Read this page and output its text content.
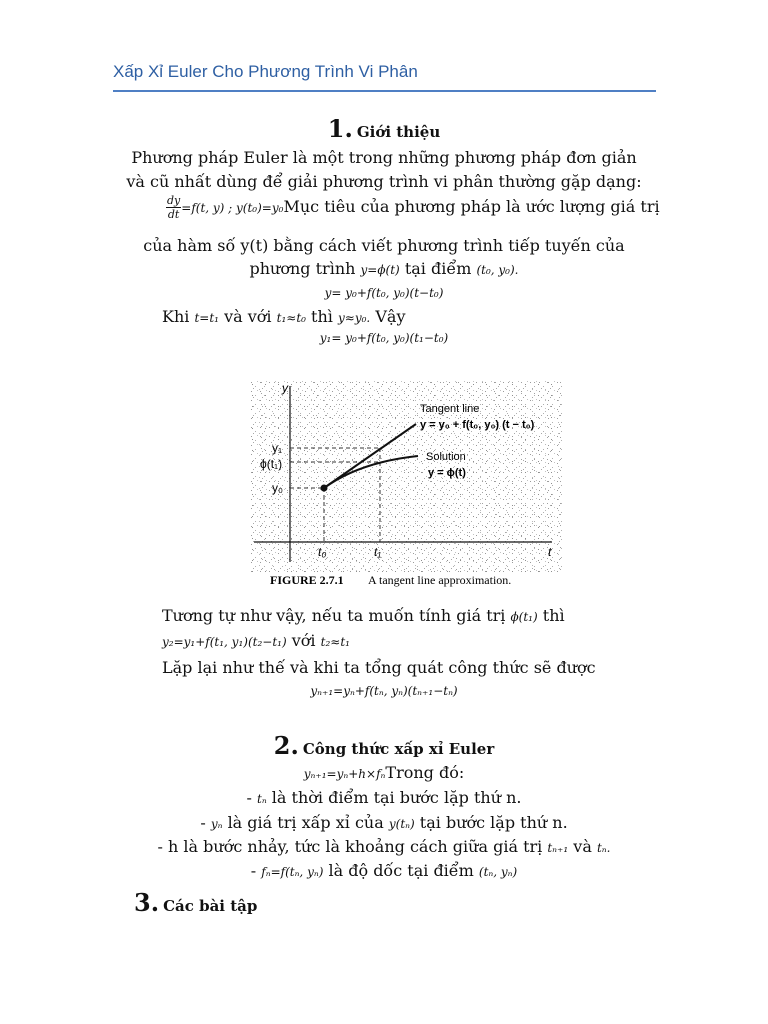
Xấp Xỉ Euler Cho Phương Trình Vi Phân
1. Giới thiệu
Phương pháp Euler là một trong những phương pháp đơn giản
và cũ nhất dùng để giải phương trình vi phân thường gặp dạng:
$\frac{dy}{dt} =f(t$, y) ; y(t₀)=y₀Mục tiêu của phương pháp là ước lượng giá trị
của hàm số y(t) bằng cách viết phương trình tiếp tuyến của
phương trình y=ϕ(t) tại điểm (t₀, y₀).
y= y₀+f(t₀, y₀)(t−t₀)
Khi t=t₁ và với t₁≈t₀ thì y≈y₀. Vậy
y₁= y₀+f(t₀, y₀)(t₁−t₀)
y
t
y₁
ϕ(t₁)
y₀
t₀	t₁
Tangent line
y = y₀ + f(t₀, y₀) (t − t₀)
Solution
y = ϕ(t)
FIGURE 2.7.1 A tangent line approximation.
Tương tự như vậy, nếu ta muốn tính giá trị ϕ(t₁) thì
y₂=y₁+f(t₁, y₁)(t₂−t₁) với t₂≈t₁
Lặp lại như thế và khi ta tổng quát công thức sẽ được
yₙ₊₁=yₙ+f(tₙ, yₙ)(tₙ₊₁−tₙ)
2. Công thức xấp xỉ Euler
yₙ₊₁=yₙ+h×fₙTrong đó:
- tₙ là thời điểm tại bước lặp thứ n.
- yₙ là giá trị xấp xỉ của y(tₙ) tại bước lặp thứ n.
- h là bước nhảy, tức là khoảng cách giữa giá trị tₙ₊₁ và tₙ.
- fₙ=f(tₙ, yₙ) là độ dốc tại điểm (tₙ, yₙ)
3. Các bài tập
